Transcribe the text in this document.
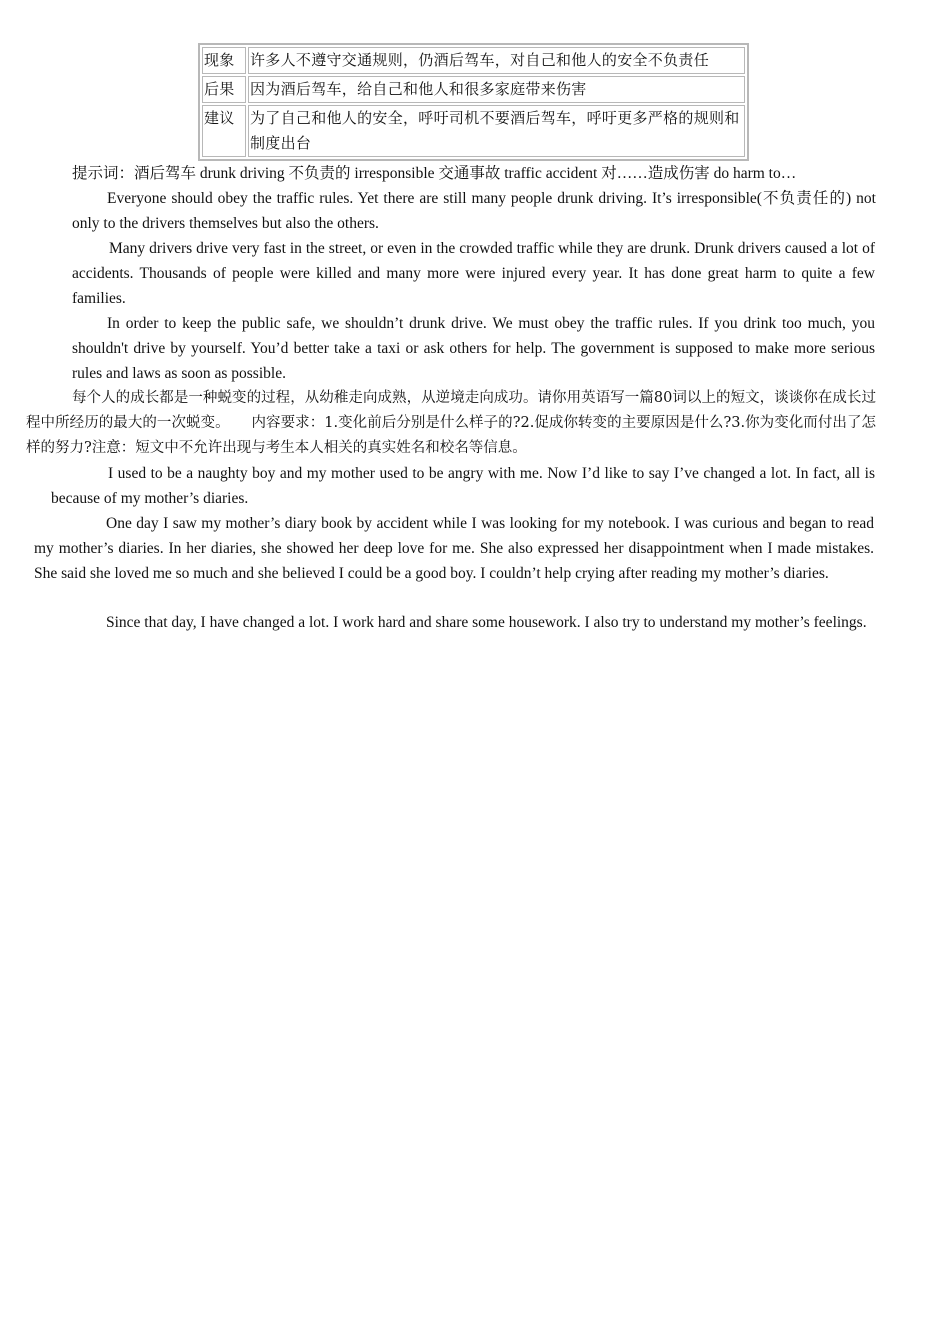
现象	许多人不遵守交通规则，仍酒后驾车，对自己和他人的安全不负责任
后果	因为酒后驾车，给自己和他人和很多家庭带来伤害
建议	为了自己和他人的安全，呼吁司机不要酒后驾车，呼吁更多严格的规则和制度出台

提示词：酒后驾车 drunk driving 不负责的 irresponsible 交通事故 traffic accident 对……造成伤害 do harm to…

Everyone should obey the traffic rules. Yet there are still many people drunk driving. It’s irresponsible(不负责任的) not only to the drivers themselves but also the others.

Many drivers drive very fast in the street, or even in the crowded traffic while they are drunk. Drunk drivers caused a lot of accidents. Thousands of people were killed and many more were injured every year. It has done great harm to quite a few families.

In order to keep the public safe, we shouldn’t drunk drive. We must obey the traffic rules. If you drink too much, you shouldn't drive by yourself. You’d better take a taxi or ask others for help. The government is supposed to make more serious rules and laws as soon as possible.

每个人的成长都是一种蜕变的过程，从幼稚走向成熟，从逆境走向成功。请你用英语写一篇80词以上的短文，谈谈你在成长过程中所经历的最大的一次蜕变。　　内容要求：1.变化前后分别是什么样子的?2.促成你转变的主要原因是什么?3.你为变化而付出了怎样的努力?注意：短文中不允许出现与考生本人相关的真实姓名和校名等信息。

I used to be a naughty boy and my mother used to be angry with me. Now I’d like to say I’ve changed a lot. In fact, all is because of my mother’s diaries.

One day I saw my mother’s diary book by accident while I was looking for my notebook. I was curious and began to read my mother’s diaries. In her diaries, she showed her deep love for me. She also expressed her disappointment when I made mistakes. She said she loved me so much and she believed I could be a good boy. I couldn’t help crying after reading my mother’s diaries.

Since that day, I have changed a lot. I work hard and share some housework. I also try to understand my mother’s feelings.
